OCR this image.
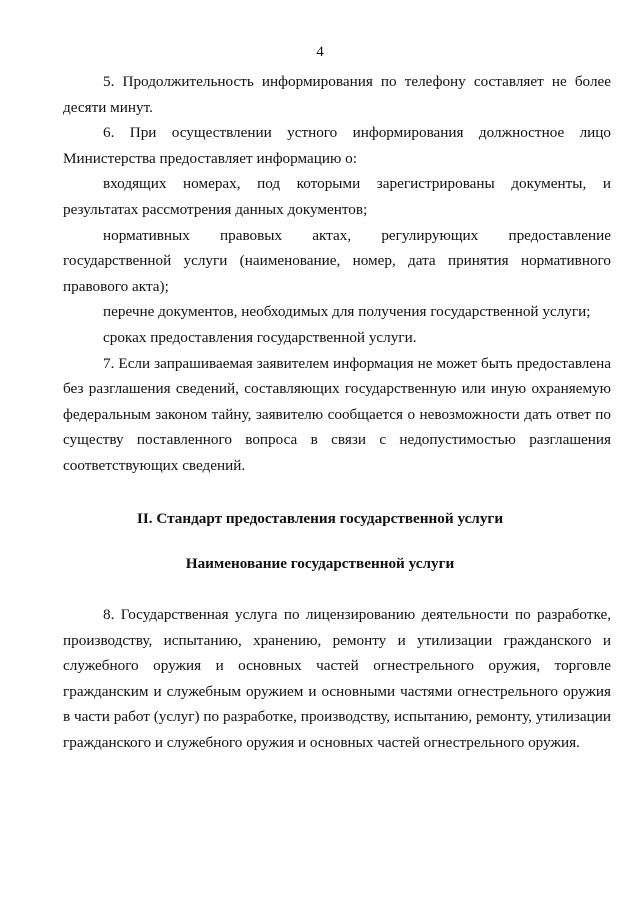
4

5. Продолжительность информирования по телефону составляет не более десяти минут.

6. При осуществлении устного информирования должностное лицо Министерства предоставляет информацию о:

входящих номерах, под которыми зарегистрированы документы, и результатах рассмотрения данных документов;

нормативных правовых актах, регулирующих предоставление государственной услуги (наименование, номер, дата принятия нормативного правового акта);

перечне документов, необходимых для получения государственной услуги;

сроках предоставления государственной услуги.

7. Если запрашиваемая заявителем информация не может быть предоставлена без разглашения сведений, составляющих государственную или иную охраняемую федеральным законом тайну, заявителю сообщается о невозможности дать ответ по существу поставленного вопроса в связи с недопустимостью разглашения соответствующих сведений.

II. Стандарт предоставления государственной услуги
Наименование государственной услуги

8. Государственная услуга по лицензированию деятельности по разработке, производству, испытанию, хранению, ремонту и утилизации гражданского и служебного оружия и основных частей огнестрельного оружия, торговле гражданским и служебным оружием и основными частями огнестрельного оружия в части работ (услуг) по разработке, производству, испытанию, ремонту, утилизации гражданского и служебного оружия и основных частей огнестрельного оружия.
